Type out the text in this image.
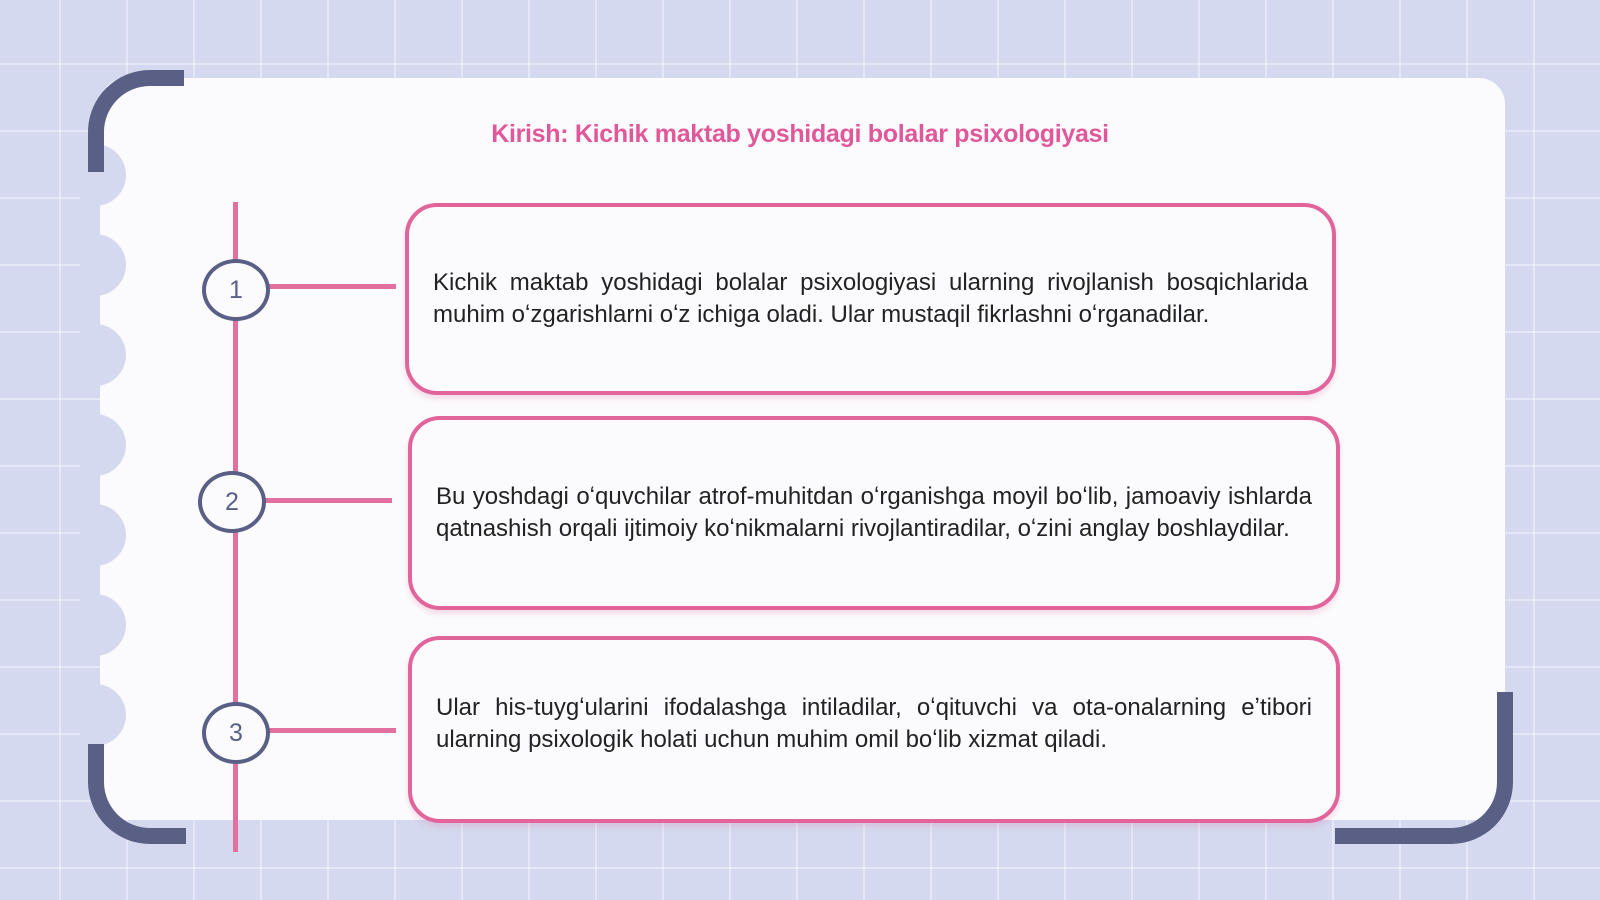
Kirish: Kichik maktab yoshidagi bolalar psixologiyasi
1
2
3

Kichik maktab yoshidagi bolalar psixologiyasi ularning rivojlanish bosqichlarida muhim oʻzgarishlarni oʻz ichiga oladi. Ular mustaqil fikrlashni oʻrganadilar.

Bu yoshdagi oʻquvchilar atrof-muhitdan oʻrganishga moyil boʻlib, jamoaviy ishlarda qatnashish orqali ijtimoiy koʻnikmalarni rivojlantiradilar, oʻzini anglay boshlaydilar.

Ular his-tuygʻularini ifodalashga intiladilar, oʻqituvchi va ota-onalarning eʼtibori ularning psixologik holati uchun muhim omil boʻlib xizmat qiladi.
